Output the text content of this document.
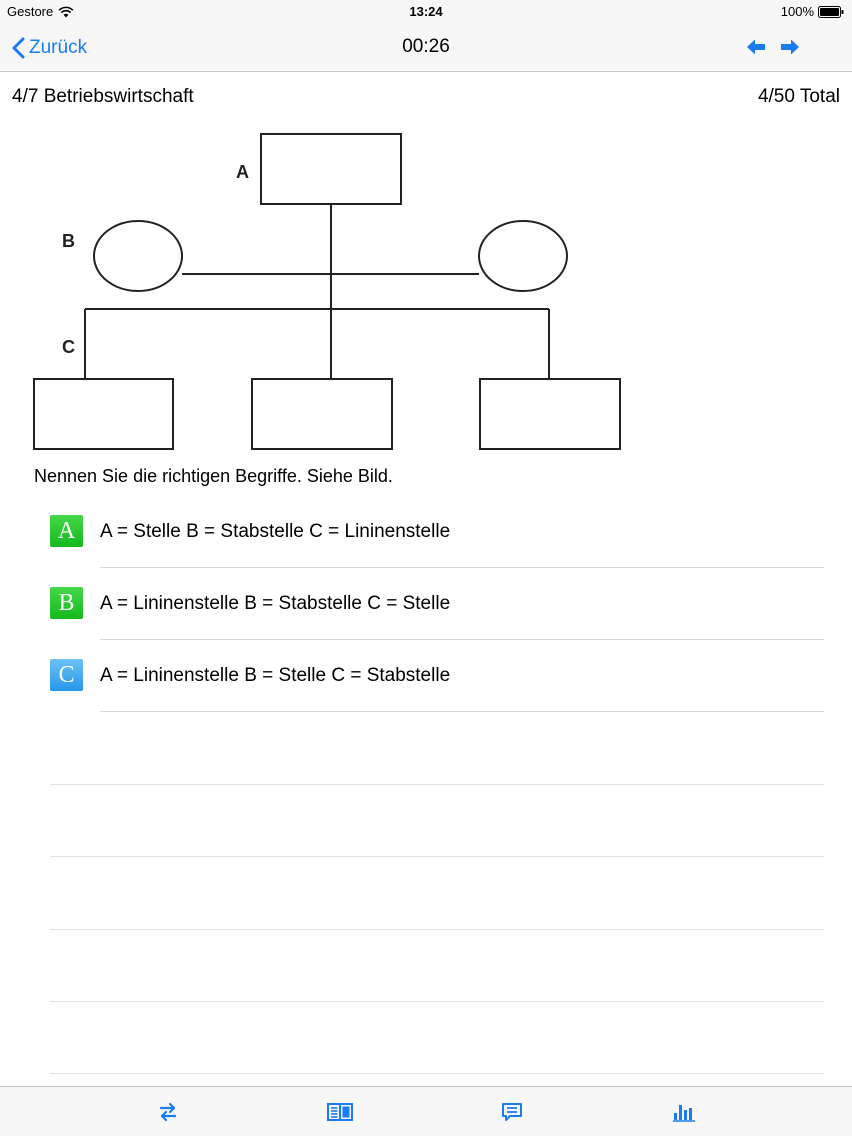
Gestore	13:24	100%
Zurück	00:26
4/7 Betriebswirtschaft	4/50 Total
A
B
C
Nennen Sie die richtigen Begriffe. Siehe Bild.
A	A = Stelle B = Stabstelle C = Lininenstelle
B	A = Lininenstelle B = Stabstelle C = Stelle
C	A = Lininenstelle B = Stelle C = Stabstelle
